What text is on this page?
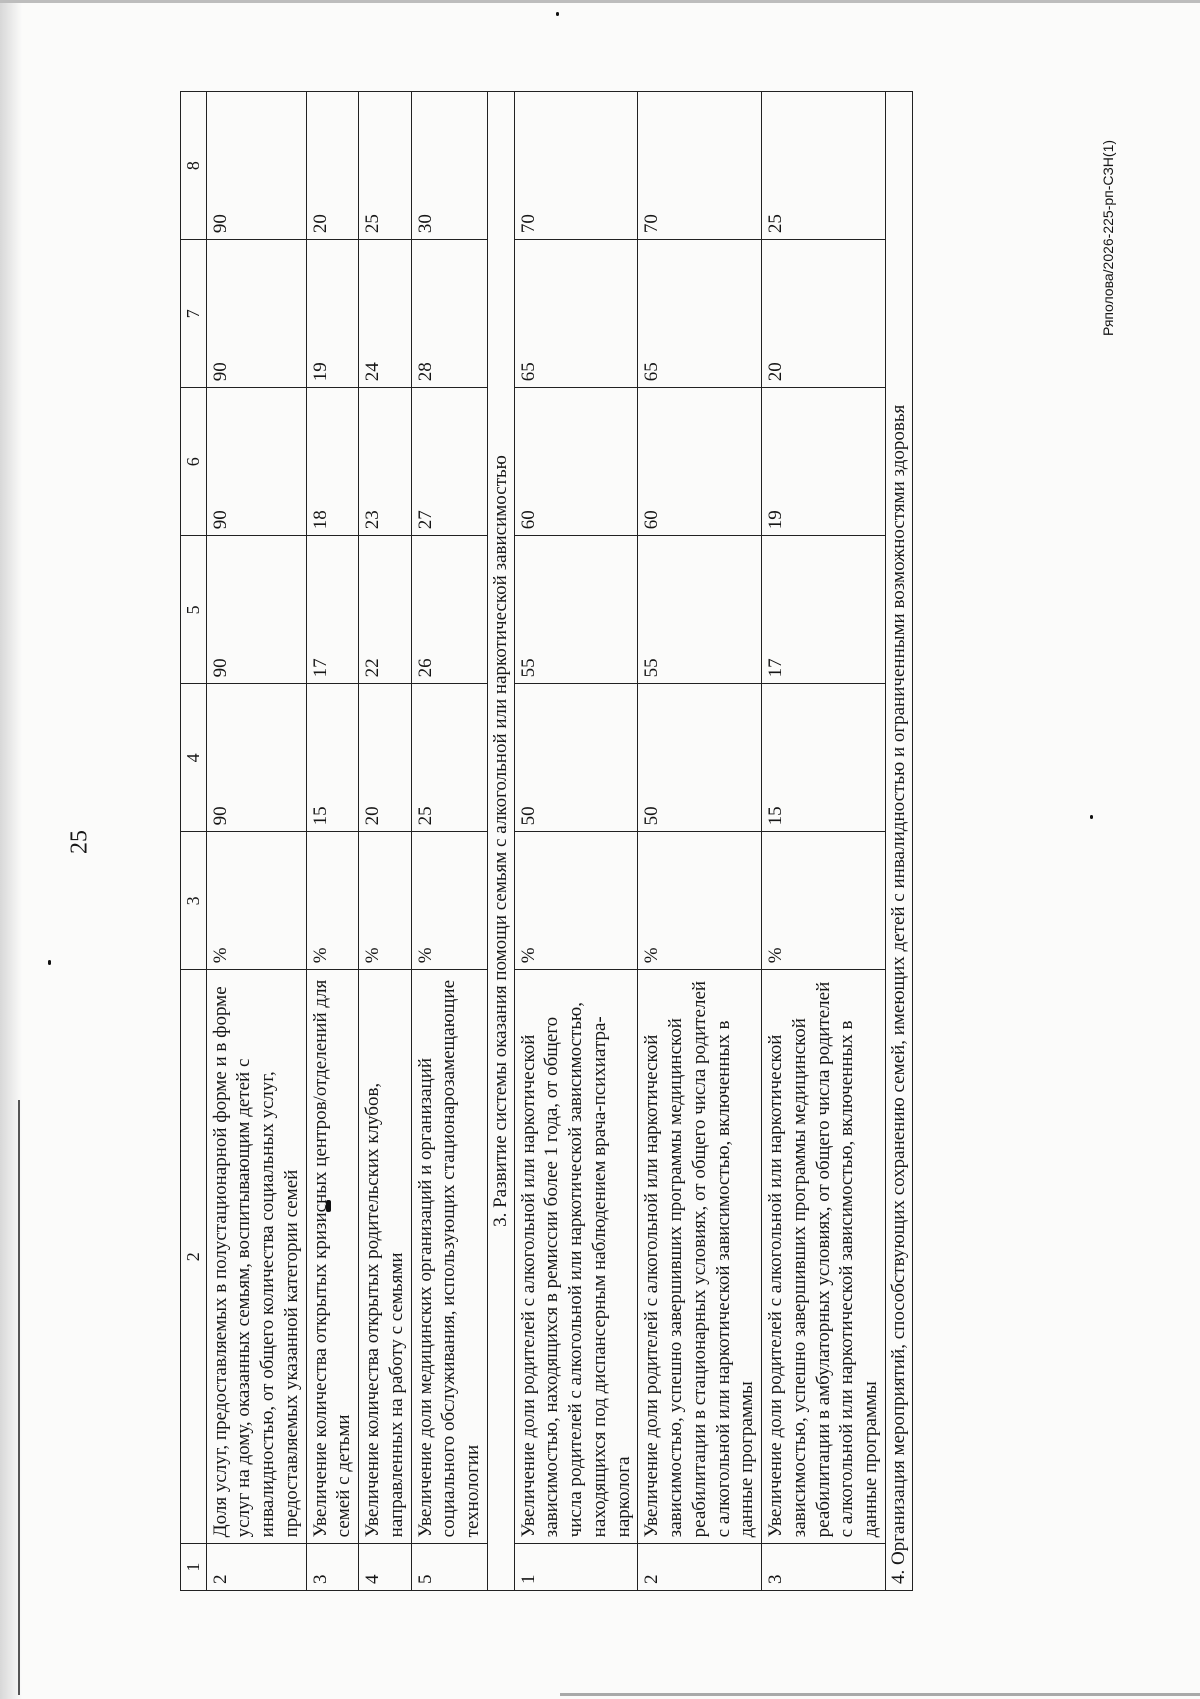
25
Ряполова/2026-225-рп-СЗН(1)
1	2	3	4	5	6	7	8
2	Доля услуг, предоставляемых в полустационарной форме и в форме услуг на дому, оказанных семьям, воспитывающим детей с инвалидностью, от общего количества социальных услуг, предоставляемых указанной категории семей	%	90	90	90	90	90
3	Увеличение количества открытых кризисных центров/отделений для семей с детьми	%	15	17	18	19	20
4	Увеличение количества открытых родительских клубов, направленных на работу с семьями	%	20	22	23	24	25
5	Увеличение доли медицинских организаций и организаций социального обслуживания, использующих стационарозамещающие технологии	%	25	26	27	28	30
3. Развитие системы оказания помощи семьям с алкогольной или наркотической зависимостью							
1	Увеличение доли родителей с алкогольной или наркотической зависимостью, находящихся в ремиссии более 1 года, от общего числа родителей с алкогольной или наркотической зависимостью, находящихся под диспансерным наблюдением врача-психиатра-нарколога	%	50	55	60	65	70
2	Увеличение доли родителей с алкогольной или наркотической зависимостью, успешно завершивших программы медицинской реабилитации в стационарных условиях, от общего числа родителей с алкогольной или наркотической зависимостью, включенных в данные программы	%	50	55	60	65	70
3	Увеличение доли родителей с алкогольной или наркотической зависимостью, успешно завершивших программы медицинской реабилитации в амбулаторных условиях, от общего числа родителей с алкогольной или наркотической зависимостью, включенных в данные программы	%	15	17	19	20	25
4. Организация мероприятий, способствующих сохранению семей, имеющих детей с инвалидностью и ограниченными возможностями здоровья							
